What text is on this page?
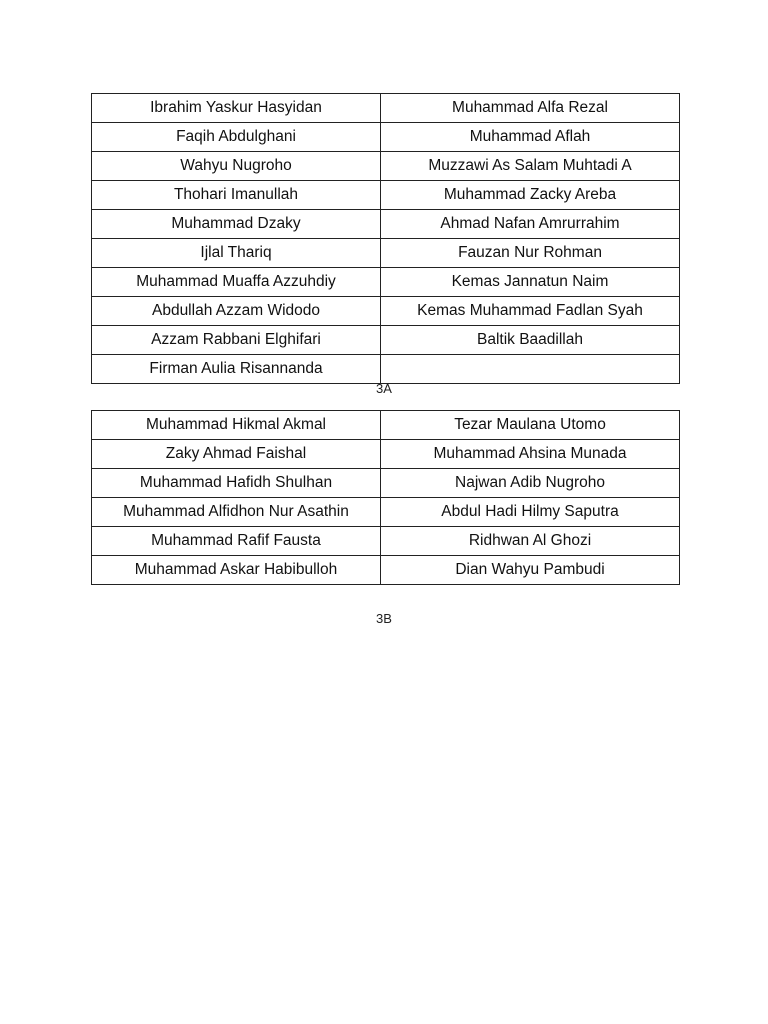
Ibrahim Yaskur Hasyidan	Muhammad Alfa Rezal
Faqih Abdulghani	Muhammad Aflah
Wahyu Nugroho	Muzzawi As Salam Muhtadi A
Thohari Imanullah	Muhammad Zacky Areba
Muhammad Dzaky	Ahmad Nafan Amrurrahim
Ijlal Thariq	Fauzan Nur Rohman
Muhammad Muaffa Azzuhdiy	Kemas Jannatun Naim
Abdullah Azzam Widodo	Kemas Muhammad Fadlan Syah
Azzam Rabbani Elghifari	Baltik Baadillah
Firman Aulia Risannanda	
3A
Muhammad Hikmal Akmal	Tezar Maulana Utomo
Zaky Ahmad Faishal	Muhammad Ahsina Munada
Muhammad Hafidh Shulhan	Najwan Adib Nugroho
Muhammad Alfidhon Nur Asathin	Abdul Hadi Hilmy Saputra
Muhammad Rafif Fausta	Ridhwan Al Ghozi
Muhammad Askar Habibulloh	Dian Wahyu Pambudi
3B
